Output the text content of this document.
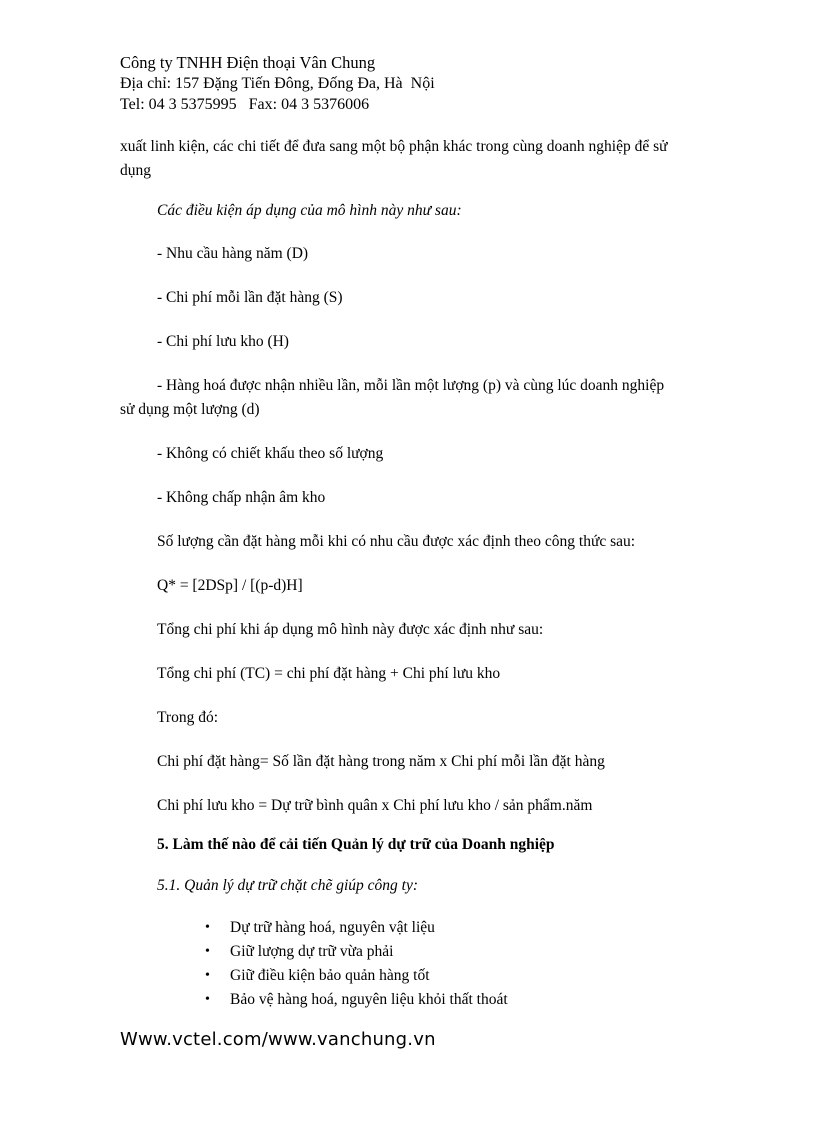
Công ty TNHH Điện thoại Vân Chung
Địa chỉ: 157 Đặng Tiến Đông, Đống Đa, Hà  Nội
Tel: 04 3 5375995   Fax: 04 3 5376006
xuất linh kiện, các chi tiết để đưa sang một bộ phận khác trong cùng doanh nghiệp để sử
dụng
Các điều kiện áp dụng của mô hình này như sau:
- Nhu cầu hàng năm (D)
- Chi phí mỗi lần đặt hàng (S)
- Chi phí lưu kho (H)
- Hàng hoá được nhận nhiều lần, mỗi lần một lượng (p) và cùng lúc doanh nghiệp
sử dụng một lượng (d)
- Không có chiết khấu theo số lượng
- Không chấp nhận âm kho
Số lượng cần đặt hàng mỗi khi có nhu cầu được xác định theo công thức sau:
Q* = [2DSp] / [(p-d)H]
Tổng chi phí khi áp dụng mô hình này được xác định như sau:
Tổng chi phí (TC) = chi phí đặt hàng + Chi phí lưu kho
Trong đó:
Chi phí đặt hàng= Số lần đặt hàng trong năm x Chi phí mỗi lần đặt hàng
Chi phí lưu kho = Dự trữ bình quân x Chi phí lưu kho / sản phẩm.năm
5. Làm thế nào để cải tiến Quản lý dự trữ của Doanh nghiệp
5.1. Quản lý dự trữ chặt chẽ giúp công ty:
• Dự trữ hàng hoá, nguyên vật liệu
• Giữ lượng dự trữ vừa phải
• Giữ điều kiện bảo quản hàng tốt
• Bảo vệ hàng hoá, nguyên liệu khỏi thất thoát
Www.vctel.com/www.vanchung.vn
